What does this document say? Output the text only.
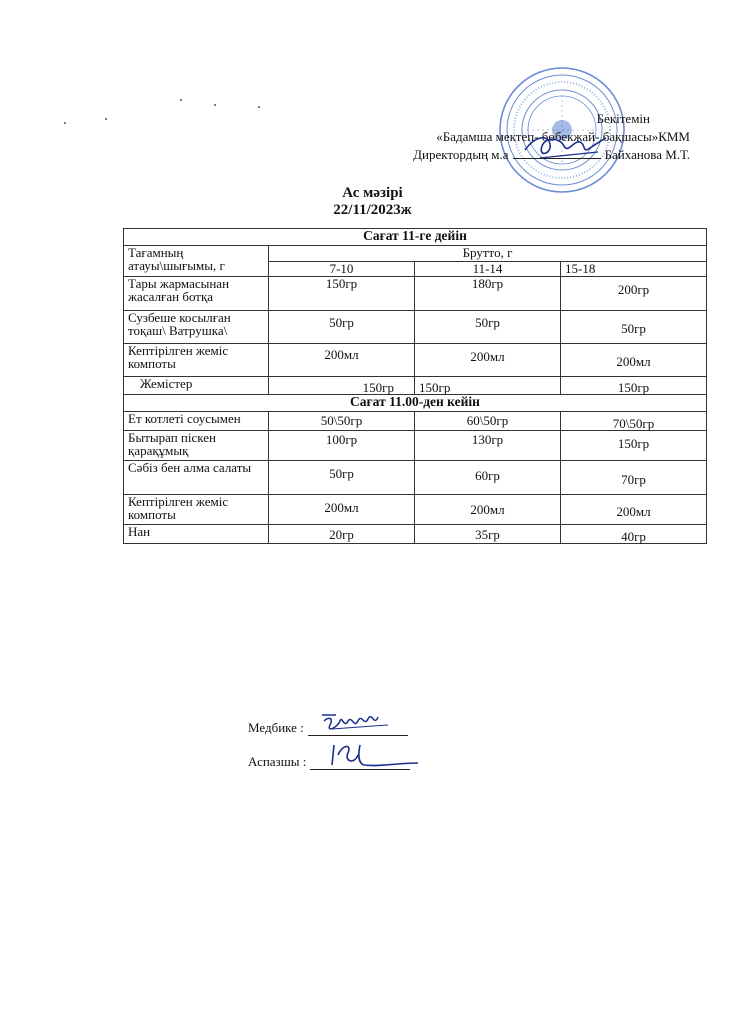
Бекітемін
«Бадамша мектеп- бөбекжай- бақшасы»КММ
Директордың м.а	Байханова М.Т.
Ас мәзірі
22/11/2023ж
Сағат 11-ге дейін			
Тағамның атауы\шығымы, г	Брутто, г		
	7-10	11-14	15-18
Тары жармасынан жасалған ботқа	150гр	180гр	200гр
Сузбеше косылған тоқаш\ Ватрушка\	50гр	50гр	50гр
Кептірілген жеміс компоты	200мл	200мл	200мл
Жемістер	150гр	150гр	150гр
Сағат 11.00-ден кейін			
Ет котлеті соусымен	50\50гр	60\50гр	70\50гр
Бытырап піскен қарақұмық	100гр	130гр	150гр
Сәбіз бен алма салаты	50гр	60гр	70гр
Кептірілген жеміс компоты	200мл	200мл	200мл
Нан	20гр	35гр	40гр
Медбике :
Аспазшы :
